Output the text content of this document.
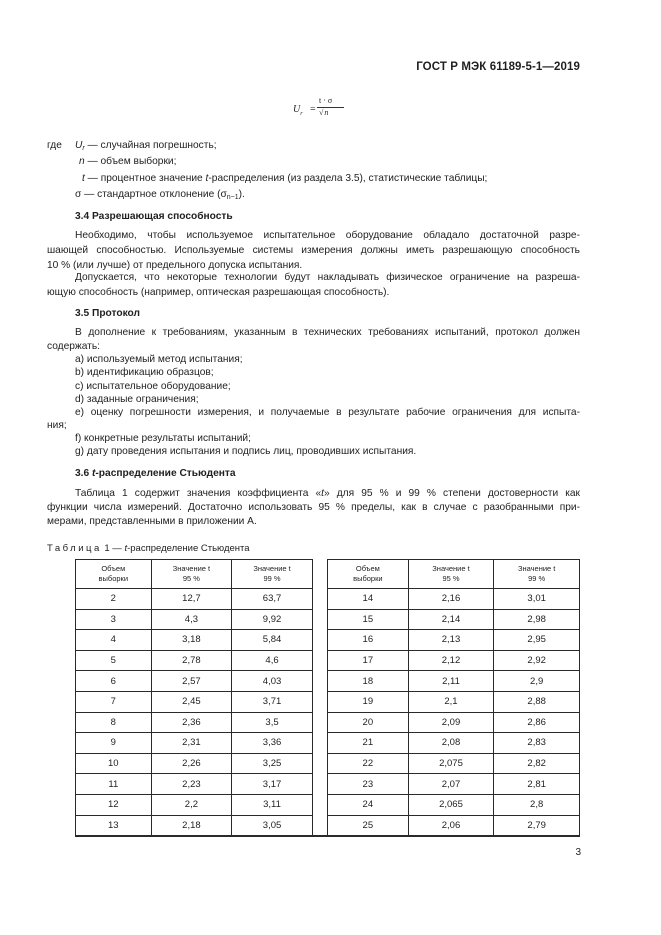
ГОСТ Р МЭК 61189-5-1—2019
$U_r$ =
t · σ
√n
где $U_r$ — случайная погрешность;
n — объем выборки;
t — процентное значение t-распределения (из раздела 3.5), статистические таблицы;
σ — стандартное отклонение $(\sigma_{n-1})$.
3.4 Разрешающая способность
Необходимо, чтобы используемое испытательное оборудование обладало достаточной разре-
шающей способностью. Используемые системы измерения должны иметь разрешающую способность
10 % (или лучше) от предельного допуска испытания.
Допускается, что некоторые технологии будут накладывать физическое ограничение на разреша-
ющую способность (например, оптическая разрешающая способность).
3.5 Протокол
В дополнение к требованиям, указанным в технических требованиях испытаний, протокол должен
содержать:
а) используемый метод испытания;
b) идентификацию образцов;
c) испытательное оборудование;
d) заданные ограничения;
e) оценку погрешности измерения, и получаемые в результате рабочие ограничения для испыта-
ния;
f) конкретные результаты испытаний;
g) дату проведения испытания и подпись лиц, проводивших испытания.
3.6 t-распределение Стьюдента
Таблица 1 содержит значения коэффициента «t» для 95 % и 99 % степени достоверности как
функции числа измерений. Достаточно использовать 95 % пределы, как в случае с разобранными при-
мерами, представленными в приложении А.
Таблица 1 — t-распределение Стьюдента
Объем
выборки	Значение t
95 %	Значение t
99 %		Объем
выборки	Значение t
95 %	Значение t
99 %
2	12,7	63,7		14	2,16	3,01
3	4,3	9,92		15	2,14	2,98
4	3,18	5,84		16	2,13	2,95
5	2,78	4,6		17	2,12	2,92
6	2,57	4,03		18	2,11	2,9
7	2,45	3,71		19	2,1	2,88
8	2,36	3,5		20	2,09	2,86
9	2,31	3,36		21	2,08	2,83
10	2,26	3,25		22	2,075	2,82
11	2,23	3,17		23	2,07	2,81
12	2,2	3,11		24	2,065	2,8
13	2,18	3,05		25	2,06	2,79
3
